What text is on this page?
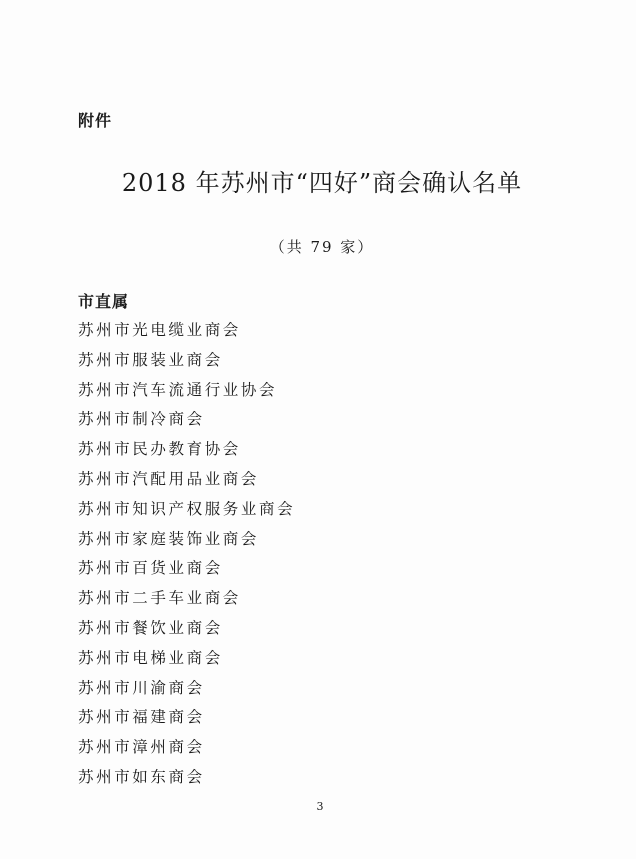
附件
2018 年苏州市“四好”商会确认名单
（共 79 家）
市直属
苏州市光电缆业商会
苏州市服装业商会
苏州市汽车流通行业协会
苏州市制冷商会
苏州市民办教育协会
苏州市汽配用品业商会
苏州市知识产权服务业商会
苏州市家庭装饰业商会
苏州市百货业商会
苏州市二手车业商会
苏州市餐饮业商会
苏州市电梯业商会
苏州市川渝商会
苏州市福建商会
苏州市漳州商会
苏州市如东商会
3
